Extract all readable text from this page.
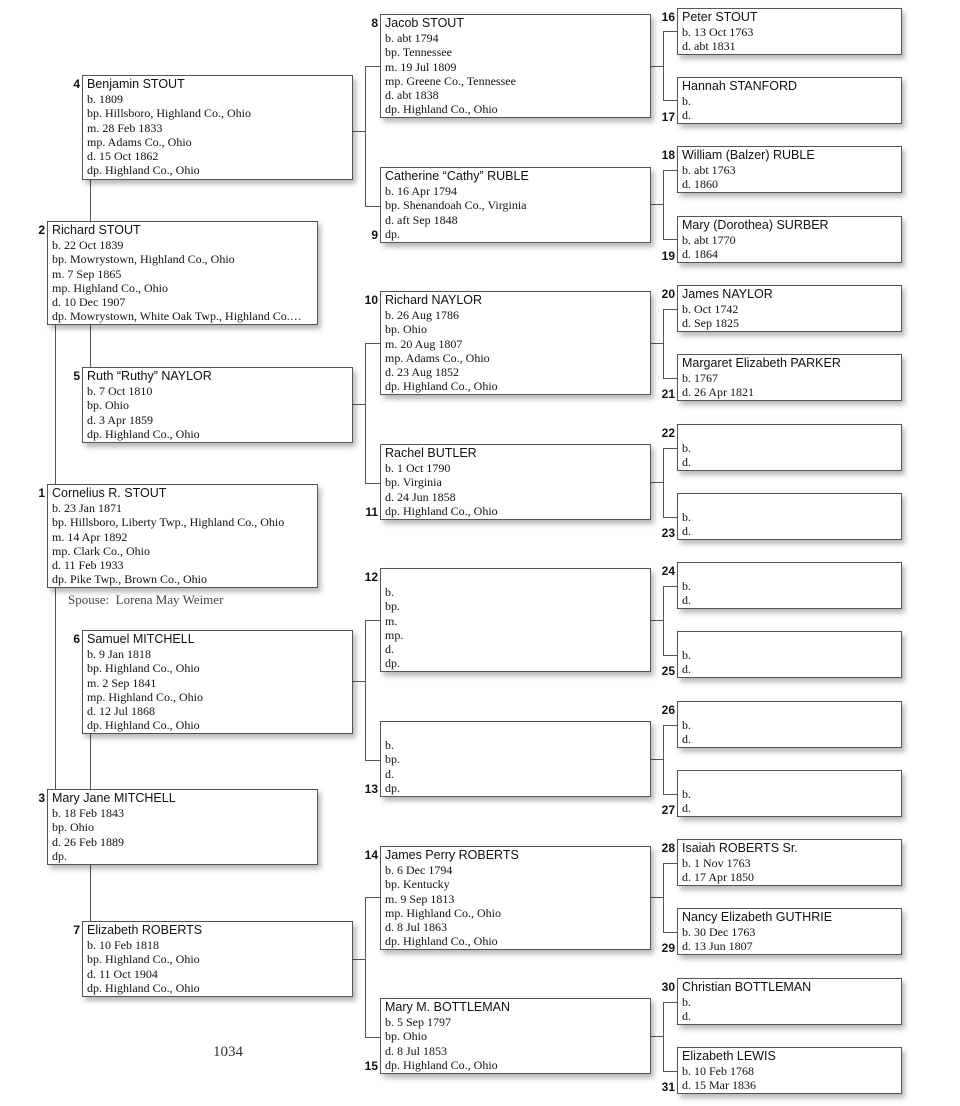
Richard STOUT
b. 22 Oct 1839
bp. Mowrystown, Highland Co., Ohio
m. 7 Sep 1865
mp. Highland Co., Ohio
d. 10 Dec 1907
dp. Mowrystown, White Oak Twp., Highland Co.…
Cornelius R. STOUT
b. 23 Jan 1871
bp. Hillsboro, Liberty Twp., Highland Co., Ohio
m. 14 Apr 1892
mp. Clark Co., Ohio
d. 11 Feb 1933
dp. Pike Twp., Brown Co., Ohio
Mary Jane MITCHELL
b. 18 Feb 1843
bp. Ohio
d. 26 Feb 1889
dp.
Benjamin STOUT
b. 1809
bp. Hillsboro, Highland Co., Ohio
m. 28 Feb 1833
mp. Adams Co., Ohio
d. 15 Oct 1862
dp. Highland Co., Ohio
Ruth “Ruthy” NAYLOR
b. 7 Oct 1810
bp. Ohio
d. 3 Apr 1859
dp. Highland Co., Ohio
Samuel MITCHELL
b. 9 Jan 1818
bp. Highland Co., Ohio
m. 2 Sep 1841
mp. Highland Co., Ohio
d. 12 Jul 1868
dp. Highland Co., Ohio
Elizabeth ROBERTS
b. 10 Feb 1818
bp. Highland Co., Ohio
d. 11 Oct 1904
dp. Highland Co., Ohio
Jacob STOUT
b. abt 1794
bp. Tennessee
m. 19 Jul 1809
mp. Greene Co., Tennessee
d. abt 1838
dp. Highland Co., Ohio
Catherine “Cathy” RUBLE
b. 16 Apr 1794
bp. Shenandoah Co., Virginia
d. aft Sep 1848
dp.
Richard NAYLOR
b. 26 Aug 1786
bp. Ohio
m. 20 Aug 1807
mp. Adams Co., Ohio
d. 23 Aug 1852
dp. Highland Co., Ohio
Rachel BUTLER
b. 1 Oct 1790
bp. Virginia
d. 24 Jun 1858
dp. Highland Co., Ohio
b.
bp.
m.
mp.
d.
dp.
b.
bp.
d.
dp.
James Perry ROBERTS
b. 6 Dec 1794
bp. Kentucky
m. 9 Sep 1813
mp. Highland Co., Ohio
d. 8 Jul 1863
dp. Highland Co., Ohio
Mary M. BOTTLEMAN
b. 5 Sep 1797
bp. Ohio
d. 8 Jul 1853
dp. Highland Co., Ohio
Peter STOUT
b. 13 Oct 1763
d. abt 1831
Hannah STANFORD
b.
d.
William (Balzer) RUBLE
b. abt 1763
d. 1860
Mary (Dorothea) SURBER
b. abt 1770
d. 1864
James NAYLOR
b. Oct 1742
d. Sep 1825
Margaret Elizabeth PARKER
b. 1767
d. 26 Apr 1821
b.
d.
b.
d.
b.
d.
b.
d.
b.
d.
b.
d.
Isaiah ROBERTS Sr.
b. 1 Nov 1763
d. 17 Apr 1850
Nancy Elizabeth GUTHRIE
b. 30 Dec 1763
d. 13 Jun 1807
Christian BOTTLEMAN
b.
d.
Elizabeth LEWIS
b. 10 Feb 1768
d. 15 Mar 1836
1
2
3
4
5
6
7
8
9
10
11
12
13
14
15
16
17
18
19
20
21
22
23
24
25
26
27
28
29
30
31
Spouse:  Lorena May Weimer
1034
